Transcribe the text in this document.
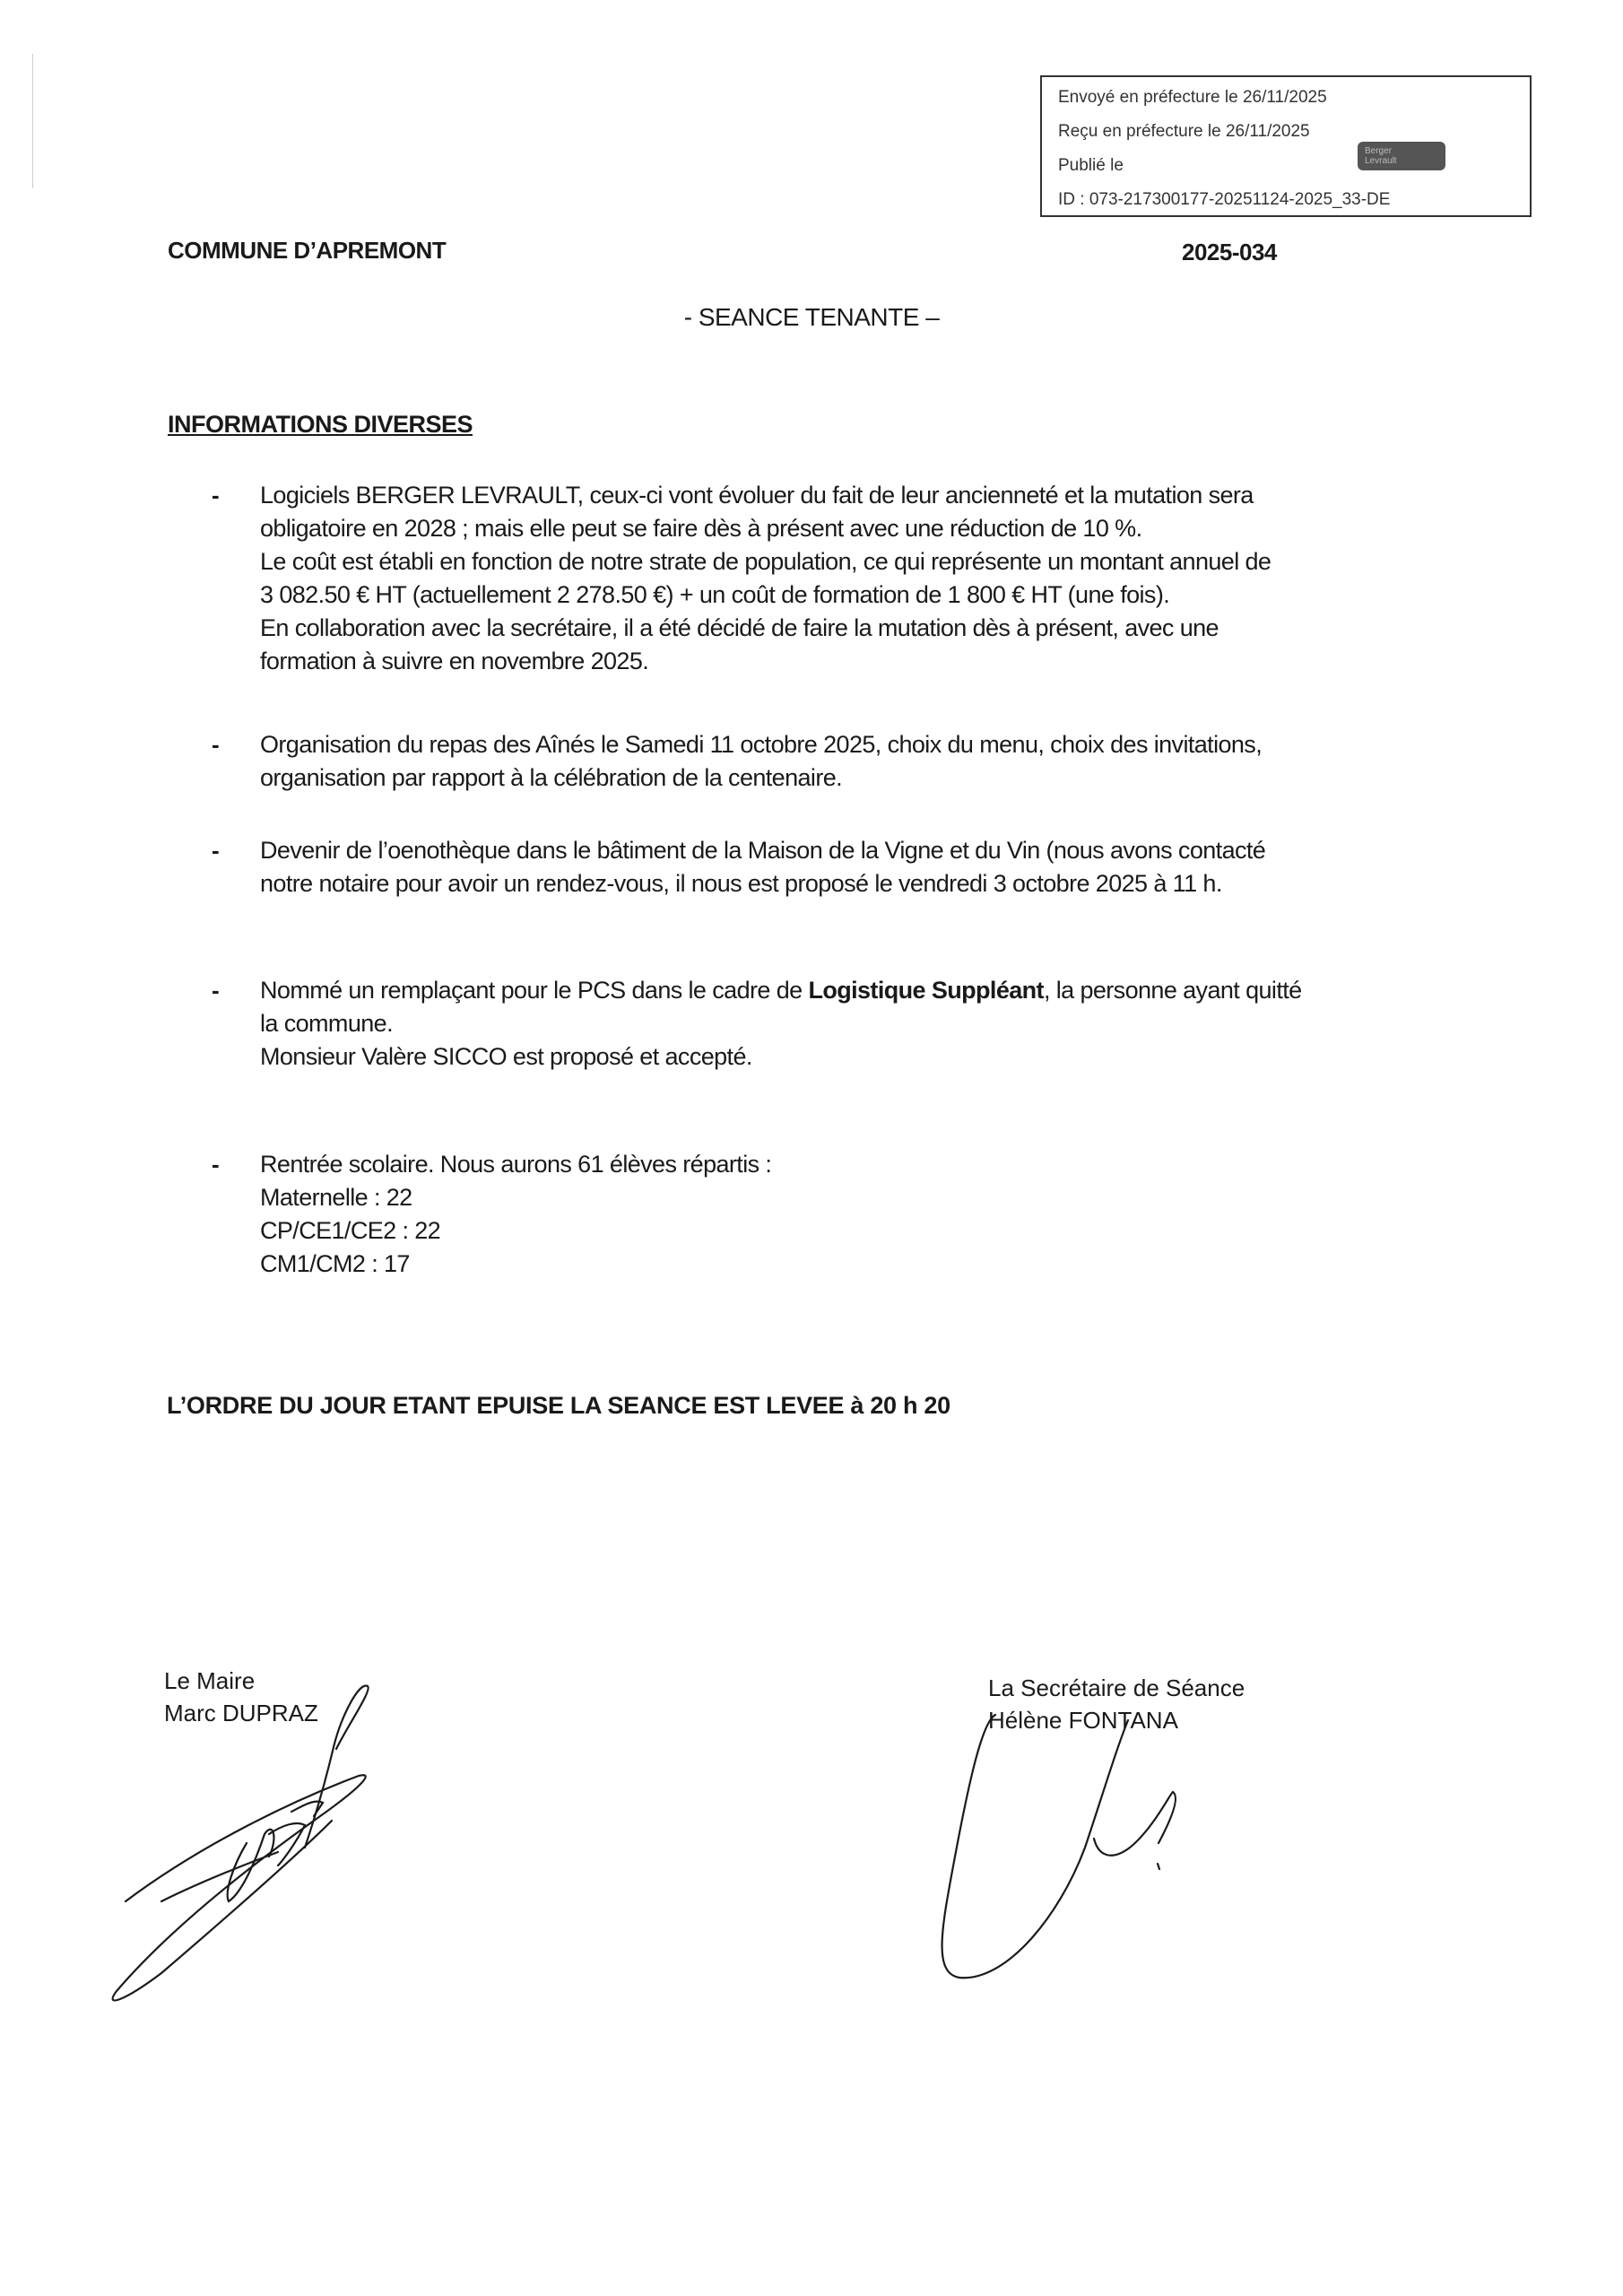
Envoyé en préfecture le 26/11/2025
Reçu en préfecture le 26/11/2025
Publié le
ID : 073-217300177-20251124-2025_33-DE
Berger
Levrault
COMMUNE D’APREMONT	2025-034
- SEANCE TENANTE –
INFORMATIONS DIVERSES
- Logiciels BERGER LEVRAULT, ceux-ci vont évoluer du fait de leur ancienneté et la mutation sera
obligatoire en 2028 ; mais elle peut se faire dès à présent avec une réduction de 10 %.
Le coût est établi en fonction de notre strate de population, ce qui représente un montant annuel de
3 082.50 € HT (actuellement 2 278.50 €) + un coût de formation de 1 800 € HT (une fois).
En collaboration avec la secrétaire, il a été décidé de faire la mutation dès à présent, avec une
formation à suivre en novembre 2025.
- Organisation du repas des Aînés le Samedi 11 octobre 2025, choix du menu, choix des invitations,
organisation par rapport à la célébration de la centenaire.
- Devenir de l’oenothèque dans le bâtiment de la Maison de la Vigne et du Vin (nous avons contacté
notre notaire pour avoir un rendez-vous, il nous est proposé le vendredi 3 octobre 2025 à 11 h.
- Nommé un remplaçant pour le PCS dans le cadre de Logistique Suppléant, la personne ayant quitté
la commune.
Monsieur Valère SICCO est proposé et accepté.
- Rentrée scolaire. Nous aurons 61 élèves répartis :
Maternelle : 22
CP/CE1/CE2 : 22
CM1/CM2 : 17
L’ORDRE DU JOUR ETANT EPUISE LA SEANCE EST LEVEE à 20 h 20
Le Maire
Marc DUPRAZ
La Secrétaire de Séance
Hélène FONTANA
